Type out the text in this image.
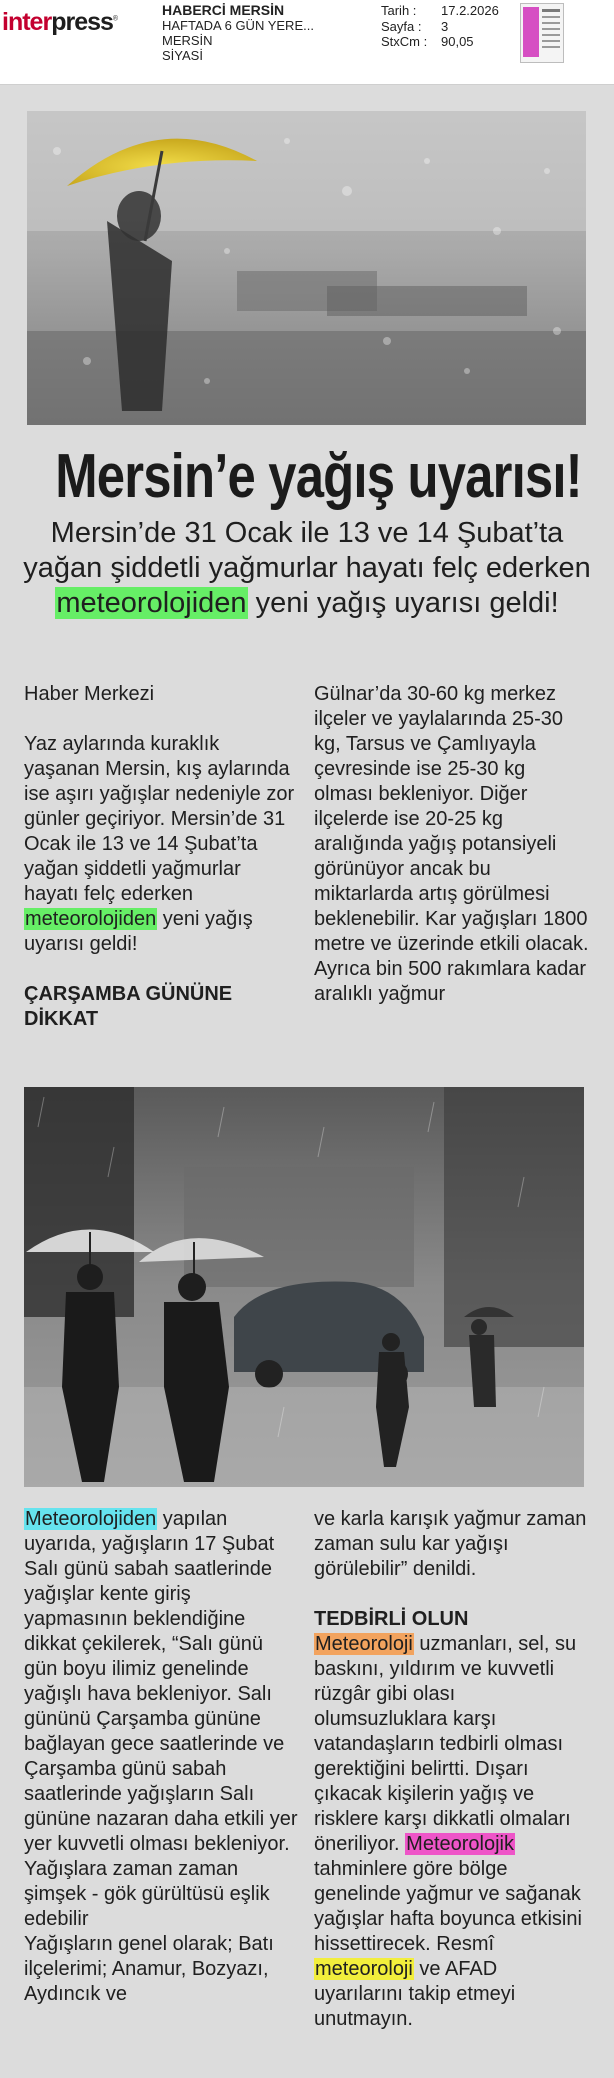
interpress®
HABERCİ MERSİN
HAFTADA 6 GÜN YERE...
MERSİN
SİYASİ
Tarih :	17.2.2026
Sayfa :	3
StxCm :	90,05
Mersin’e yağış uyarısı!
Mersin’de 31 Ocak ile 13 ve 14 Şubat’ta yağan şiddetli yağmurlar hayatı felç ederken meteorolojiden yeni yağış uyarısı geldi!

Haber Merkezi

Yaz aylarında kuraklık yaşanan Mersin, kış aylarında ise aşırı yağışlar nedeniyle zor günler geçiriyor. Mersin’de 31 Ocak ile 13 ve 14 Şubat’ta yağan şiddetli yağmurlar hayatı felç ederken meteorolojiden yeni yağış uyarısı geldi!

ÇARŞAMBA GÜNÜNE DİKKAT

Gülnar’da 30-60 kg merkez ilçeler ve yaylalarında 25-30 kg, Tarsus ve Çamlıyayla çevresinde ise 25-30 kg olması bekleniyor. Diğer ilçelerde ise 20-25 kg aralığında yağış potansiyeli görünüyor ancak bu miktarlarda artış görülmesi beklenebilir. Kar yağışları 1800 metre ve üzerinde etkili olacak. Ayrıca bin 500 rakımlara kadar aralıklı yağmur

Meteorolojiden yapılan uyarıda, yağışların 17 Şubat Salı günü sabah saatlerinde yağışlar kente giriş yapmasının beklendiğine dikkat çekilerek, “Salı günü gün boyu ilimiz genelinde yağışlı hava bekleniyor. Salı gününü Çarşamba gününe bağlayan gece saatlerinde ve Çarşamba günü sabah saatlerinde yağışların Salı gününe nazaran daha etkili yer yer kuvvetli olması bekleniyor. Yağışlara zaman zaman şimşek - gök gürültüsü eşlik edebilir

Yağışların genel olarak; Batı ilçelerimi; Anamur, Bozyazı, Aydıncık ve

ve karla karışık yağmur zaman zaman sulu kar yağışı görülebilir” denildi.

TEDBİRLİ OLUN

Meteoroloji uzmanları, sel, su baskını, yıldırım ve kuvvetli rüzgâr gibi olası olumsuzluklara karşı vatandaşların tedbirli olması gerektiğini belirtti. Dışarı çıkacak kişilerin yağış ve risklere karşı dikkatli olmaları öneriliyor. Meteorolojik tahminlere göre bölge genelinde yağmur ve sağanak yağışlar hafta boyunca etkisini hissettirecek. Resmî meteoroloji ve AFAD uyarılarını takip etmeyi unutmayın.
